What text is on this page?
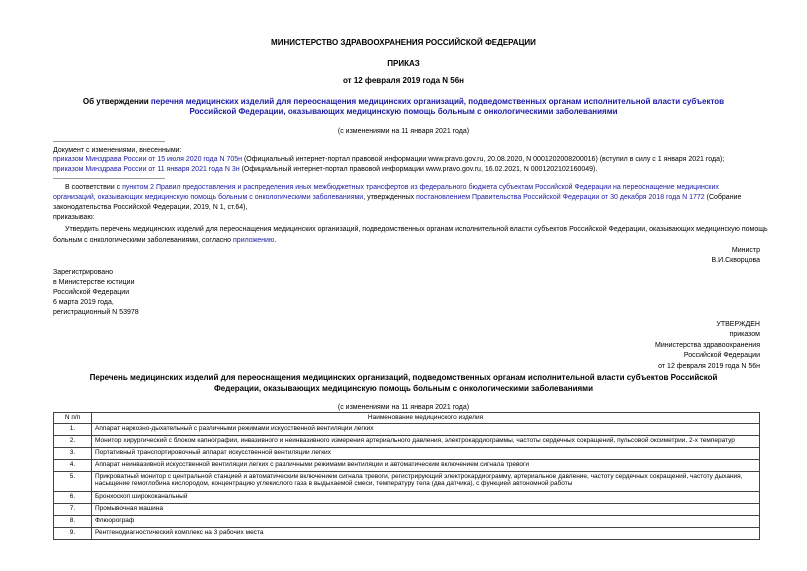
МИНИСТЕРСТВО ЗДРАВООХРАНЕНИЯ РОССИЙСКОЙ ФЕДЕРАЦИИ
ПРИКАЗ
от 12 февраля 2019 года N 56н
Об утверждении перечня медицинских изделий для переоснащения медицинских организаций, подведомственных органам исполнительной власти субъектов
Российской Федерации, оказывающих медицинскую помощь больным с онкологическими заболеваниями
(с изменениями на 11 января 2021 года)
Документ с изменениями, внесенными:
приказом Минздрава России от 15 июля 2020 года N 705н (Официальный интернет-портал правовой информации www.pravo.gov.ru, 20.08.2020, N 0001202008200016) (вступил в силу с 1 января 2021 года);
приказом Минздрава России от 11 января 2021 года N 3н (Официальный интернет-портал правовой информации www.pravo.gov.ru, 16.02.2021, N 0001202102160049).
В соответствии с пунктом 2 Правил предоставления и распределения иных межбюджетных трансфертов из федерального бюджета субъектам Российской Федерации на переоснащение медицинских
организаций, оказывающих медицинскую помощь больным с онкологическими заболеваниями, утвержденных постановлением Правительства Российской Федерации от 30 декабря 2018 года N 1772 (Собрание
законодательства Российской Федерации, 2019, N 1, ст.64),
приказываю:
Утвердить перечень медицинских изделий для переоснащения медицинских организаций, подведомственных органам исполнительной власти субъектов Российской Федерации, оказывающих медицинскую помощь
больным с онкологическими заболеваниями, согласно приложению.
Министр
В.И.Скворцова
Зарегистрировано
в Министерстве юстиции
Российской Федерации
6 марта 2019 года,
регистрационный N 53978
УТВЕРЖДЕН
приказом
Министерства здравоохранения
Российской Федерации
от 12 февраля 2019 года N 56н
Перечень медицинских изделий для переоснащения медицинских организаций, подведомственных органам исполнительной власти субъектов Российской
Федерации, оказывающих медицинскую помощь больным с онкологическими заболеваниями
(с изменениями на 11 января 2021 года)
N п/п	Наименование медицинского изделия
1.	Аппарат наркозно-дыхательный с различными режимами искусственной вентиляции легких
2.	Монитор хирургический с блоком капнографии, инвазивного и неинвазивного измерения артериального давления, электрокардиограммы, частоты сердечных сокращений, пульсовой оксиметрии, 2-х температур
3.	Портативный транспортировочный аппарат искусственной вентиляции легких
4.	Аппарат неинвазивной искусственной вентиляции легких с различными режимами вентиляции и автоматическим включением сигнала тревоги
5.	Прикроватный монитор с центральной станцией и автоматическим включением сигнала тревоги, регистрирующий электрокардиограмму, артериальное давление, частоту сердечных сокращений, частоту дыхания,
насыщение гемоглобина кислородом, концентрацию углекислого газа в выдыхаемой смеси, температуру тела (два датчика), с функцией автономной работы

6.	Бронхоскоп ширококанальный
7.	Промывочная машина
8.	Флюорограф
9.	Рентгенодиагностический комплекс на 3 рабочих места
